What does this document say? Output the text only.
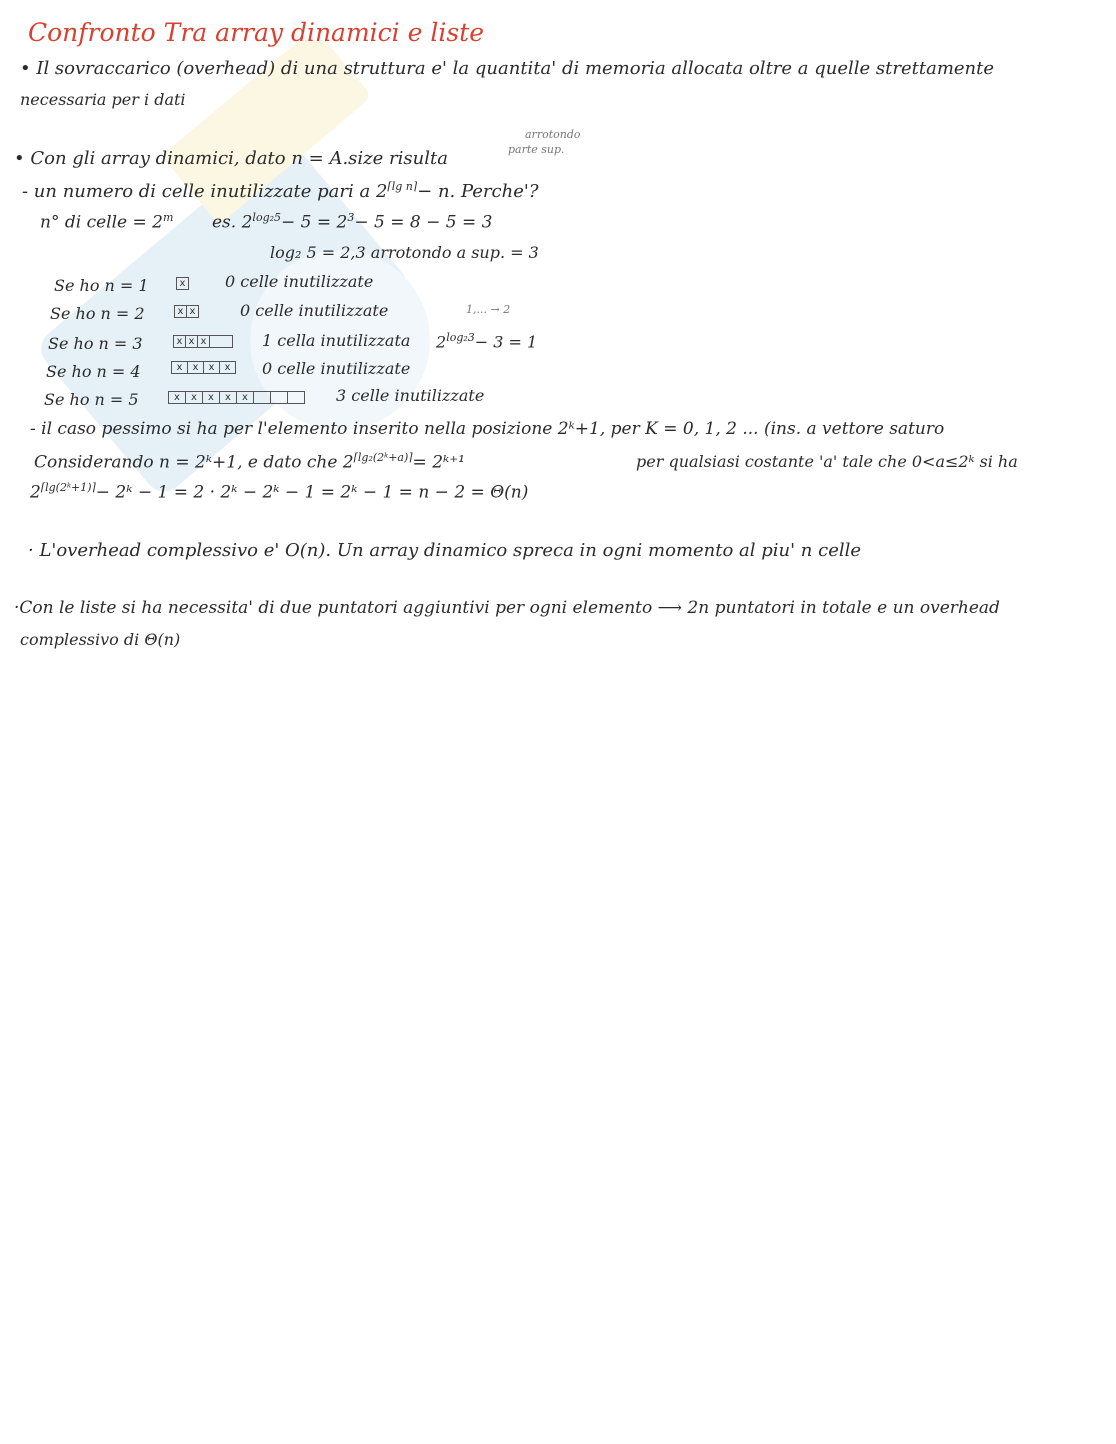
Confronto Tra array dinamici e liste
• Il sovraccarico (overhead) di una struttura e' la quantita' di memoria allocata oltre a quelle strettamente
necessaria per i dati
arrotondo
parte sup.
• Con gli array dinamici, dato n = A.size risulta
- un numero di celle inutilizzate pari a $2^{⌈lg n⌉}- n$. Perche'?
n° di celle = $2^m$ es. $2^{log_25}- 5 = 2^3- 5 = 8 - 5 = 3$
log₂ 5 = 2,3 arrotondo a sup. = 3
Se ho n = 1	x 0 celle inutilizzate
Se ho n = 2	x x	0 celle inutilizzate	1,... → 2
Se ho n = 3	x x x	1 cella inutilizzata $2^{log_23}- 3 = 1$
Se ho n = 4	x	x	x	x	0 celle inutilizzate
Se ho n = 5	x	x	x	x	x	3 celle inutilizzate
- il caso pessimo si ha per l'elemento inserito nella posizione 2ᵏ+1, per K = 0, 1, 2 ... (ins. a vettore saturo
Considerando n = 2ᵏ+1, e dato che $2^{⌈lg_2(2ᵏ+a)⌉}=$ 2ᵏ⁺¹	per qualsiasi costante 'a' tale che 0<a≤2ᵏ si ha
$2^{⌈lg(2ᵏ+1)⌉}-$ 2ᵏ − 1 = 2 · 2ᵏ − 2ᵏ − 1 = 2ᵏ − 1 = n − 2 = Θ(n)
· L'overhead complessivo e' O(n). Un array dinamico spreca in ogni momento al piu' n celle
·Con le liste si ha necessita' di due puntatori aggiuntivi per ogni elemento ⟶ 2n puntatori in totale e un overhead
complessivo di Θ(n)
